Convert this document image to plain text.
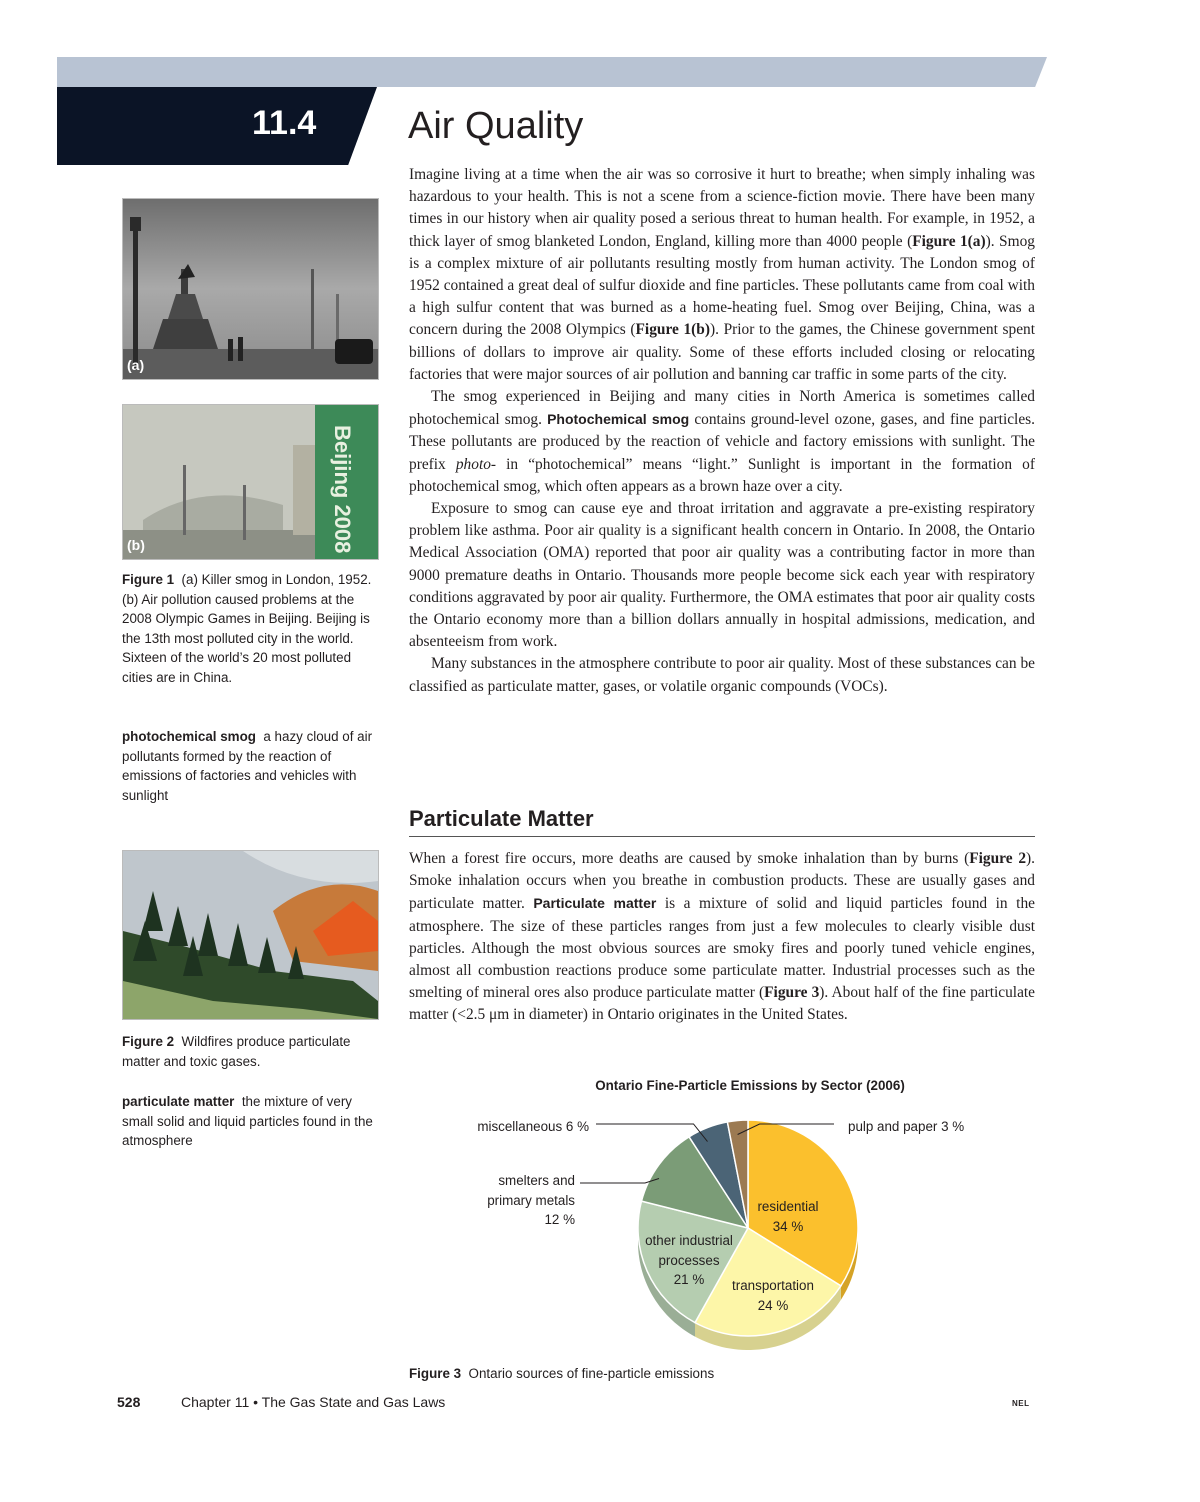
11.4 Air Quality

Imagine living at a time when the air was so corrosive it hurt to breathe; when simply inhaling was hazardous to your health. This is not a scene from a science-fiction movie. There have been many times in our history when air quality posed a serious threat to human health. For example, in 1952, a thick layer of smog blanketed London, England, killing more than 4000 people (Figure 1(a)). Smog is a complex mixture of air pollutants resulting mostly from human activity. The London smog of 1952 contained a great deal of sulfur dioxide and fine particles. These pollutants came from coal with a high sulfur content that was burned as a home-heating fuel. Smog over Beijing, China, was a concern during the 2008 Olympics (Figure 1(b)). Prior to the games, the Chinese government spent billions of dollars to improve air quality. Some of these efforts included closing or relocating factories that were major sources of air pollution and banning car traffic in some parts of the city.

The smog experienced in Beijing and many cities in North America is sometimes called photochemical smog. Photochemical smog contains ground-level ozone, gases, and fine particles. These pollutants are produced by the reaction of vehicle and factory emissions with sunlight. The prefix photo- in “photochemical” means “light.” Sunlight is important in the formation of photochemical smog, which often appears as a brown haze over a city.

Exposure to smog can cause eye and throat irritation and aggravate a pre-existing respiratory problem like asthma. Poor air quality is a significant health concern in Ontario. In 2008, the Ontario Medical Association (OMA) reported that poor air quality was a contributing factor in more than 9000 premature deaths in Ontario. Thousands more people become sick each year with respiratory conditions aggravated by poor air quality. Furthermore, the OMA estimates that poor air quality costs the Ontario economy more than a billion dollars annually in hospital admissions, medication, and absenteeism from work.

Many substances in the atmosphere contribute to poor air quality. Most of these substances can be classified as particulate matter, gases, or volatile organic compounds (VOCs).

Particulate Matter

When a forest fire occurs, more deaths are caused by smoke inhalation than by burns (Figure 2). Smoke inhalation occurs when you breathe in combustion products. These are usually gases and particulate matter. Particulate matter is a mixture of solid and liquid particles found in the atmosphere. The size of these particles ranges from just a few molecules to clearly visible dust particles. Although the most obvious sources are smoky fires and poorly tuned vehicle engines, almost all combustion reactions produce some particulate matter. Industrial processes such as the smelting of mineral ores also produce particulate matter (Figure 3). About half of the fine particulate matter (<2.5 μm in diameter) in Ontario originates in the United States.

(a)
Beijing 2008
(b)
Figure 1 (a) Killer smog in London, 1952. (b) Air pollution caused problems at the 2008 Olympic Games in Beijing. Beijing is the 13th most polluted city in the world. Sixteen of the world’s 20 most polluted cities are in China.
photochemical smog a hazy cloud of air pollutants formed by the reaction of emissions of factories and vehicles with sunlight
Figure 2 Wildfires produce particulate matter and toxic gases.
particulate matter the mixture of very small solid and liquid particles found in the atmosphere
Ontario Fine-Particle Emissions by Sector (2006)
residential
34 %
transportation
24 %
other industrial
processes
21 %
smelters and
primary metals
12 %
miscellaneous 6 %	pulp and paper 3 %
Figure 3 Ontario sources of fine-particle emissions
528	Chapter 11 • The Gas State and Gas Laws	NEL
